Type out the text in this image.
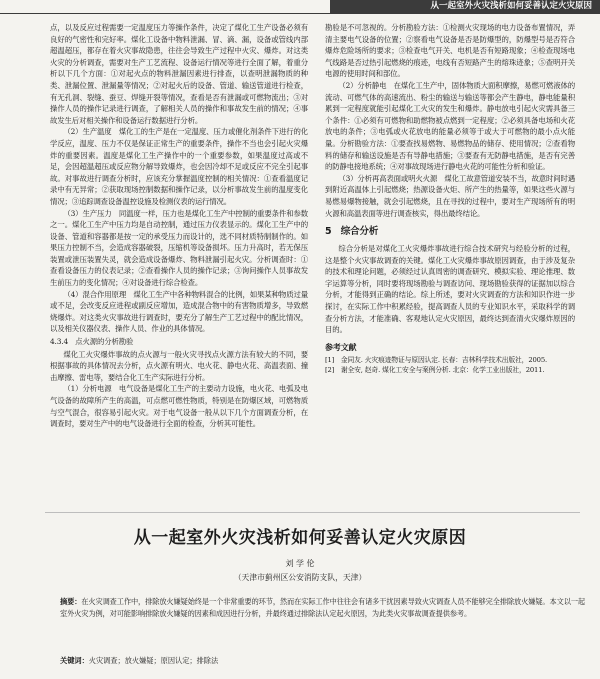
从一起室外火灾浅析如何妥善认定火灾原因

点，以及反应过程需要一定温度压力等操作条件，决定了煤化工生产设备必须有良好的气密性和完好率。煤化工设备中物料泄漏、冒、滴、漏，设备或管线内部超温超压，都存在着火灾事故隐患，往往会导致生产过程中火灾、爆炸。对这类火灾的分析调查，需要对生产工艺流程、设备运行情况等进行全面了解，着重分析以下几个方面：①对起火点的物料泄漏因素进行排查，以查明泄漏物质的种类、泄漏位置、泄漏量等情况；②对起火后的设备、管道、输送管道进行检查，有无孔洞、裂缝、蚕豆、焊缝开裂等情况，查看是否有泄漏或可燃物流出；③对操作人员的操作记录进行调查，了解相关人员的操作和事故发生前的情况；④事故发生后对相关操作和设备运行数据进行分析。

（2）生产温度　煤化工的生产是在一定温度、压力或催化剂条件下进行的化学反应，温度、压力不仅是保证正常生产的重要条件，操作不当也会引起火灾爆炸的重要因素。温度是煤化工生产操作中的一个重要参数，如果温度过高或不足，会因超温超压或反应物分解导致爆炸，也会因冷却不足或反应不完全引起事故。对事故进行调查分析时，应该充分掌握温度控制的相关情况：①查看温度记录中有无异常；②获取现场控制数据和操作记录，以分析事故发生前的温度变化情况；③追踪调查设备温控设施及检测仪表的运行情况。

（3）生产压力　同温度一样，压力也是煤化工生产中控制的重要条件和参数之一。煤化工生产中压力均是自动控制，通过压力仪表显示的。煤化工生产中的设备、管道和容器都是按一定的承受压力而设计的，选不同材质特制制作的。如果压力控制不当，会造成容器破裂，压缩机等设备损坏。压力升高时，若无保压装置或泄压装置失灵，就会造成设备爆炸、物料泄漏引起火灾。分析调查时：①查看设备压力的仪表记录；②查看操作人员的操作记录；③询问操作人员事故发生前压力的变化情况；④对设备进行综合检查。

（4）混合作用原理　煤化工生产中各种物料混合的比例，如果某种物质过量或不足，会改变反应进程或副反应增加，造成混合物中的有害物质增多，导致燃烧爆炸。对这类火灾事故进行调查时，要充分了解生产工艺过程中的配比情况，以及相关仪器仪表、操作人员、作业的具体情况。

4.3.4　点火源的分析勘验

煤化工火灾爆炸事故的点火源与一般火灾寻找点火源方法有较大的不同，要根据事故的具体情况去分析，点火源有明火、电火花、静电火花、高温表面、撞击摩擦、雷电等，要结合化工生产实际进行分析。

（1）分析电源　电气设备是煤化工生产的主要动力设施，电火花、电弧及电气设备的故障所产生的高温，可点燃可燃性物质，特别是在防爆区域，可燃物质与空气混合，很容易引起火灾。对于电气设备一般从以下几个方面调查分析，在调查时，要对生产中的电气设备进行全面的检查，分析其可能性。

勘验是不可忽视的。分析勘验方法：①检测火灾现场的电力设备布置情况，弄清主要电气设备的位置；②察看电气设备是否是防爆型的，防爆型号是否符合爆炸危险场所的要求；③检查电气开关、电机是否有短路现象；④检查现场电气线路是否过热引起燃烧的痕迹，电线有否短路产生的熔珠迹象；⑤查明开关电源的使用时间和部位。

（2）分析静电　在煤化工生产中，固体物质大面积摩擦，易燃可燃液体的流动、可燃气体的高速流出、粉尘的输送与输送等都会产生静电，静电能量积累到一定程度就能引起煤化工火灾的发生和爆炸。静电放电引起火灾需具备三个条件：①必须有可燃物和助燃物被点燃到一定程度；②必须具备电场和火花放电的条件；③电弧或火花放电的能量必须等于或大于可燃物的最小点火能量。分析勘验方法：①要查找易燃物、易燃物品的储存、使用情况；②查看物料的储存和输送设施是否有导静电措施；③要查有无防静电措施，是否有完善的防静电接地系统；④对事故现场进行静电火花的可能性分析和验证。

（3）分析再高表面或明火火源　煤化工故意管道安装不当，故意时间时遇到附近高温体上引起燃烧；热源设备火炬、所产生的热量等，如果这些火源与易燃易爆物接触，就会引起燃烧，且在寻找的过程中，要对生产现场所有的明火源和高温表面等进行调查核实，得出最终结论。

5　综合分析

综合分析是对煤化工火灾爆炸事故进行综合技术研究与经验分析的过程，这是整个火灾事故调查的关键。煤化工火灾爆炸事故原因调查，由于涉及复杂的技术和理论问题，必须经过认真周密的调查研究、模拟实验、理论推理、数字运算等分析，同时要将现场勘验与调查访问、现场勘验获得的证据加以综合分析，才能得到正确的结论。综上所述，要对火灾调查的方法和知识作进一步探讨，在实际工作中积累经验，提高调查人员的专业知识水平，采取科学的调查分析方法，才能准确、客观地认定火灾原因，最终达到查清火灾爆炸原因的目的。

参考文献
[1]　金同友. 火灾痕迹物证与原因认定. 长春：吉林科学技术出版社，2005.
[2]　谢全安, 赵奇. 煤化工安全与案例分析. 北京：化学工业出版社，2011.
从一起室外火灾浅析如何妥善认定火灾原因
刘 学 伦
（天津市蓟州区公安消防支队，天津）
摘要：在火灾调查工作中，排除放火嫌疑始终是一个非常重要的环节，然而在实际工作中往往会有诸多干扰因素导致火灾调查人员不能够完全排除放火嫌疑。本文以一起室外火灾为例，对可能影响排除放火嫌疑的因素和成因进行分析，并最终通过排除法认定起火原因，为此类火灾事故调查提供参考。
关键词：火灾调查；放火嫌疑；原因认定；排除法
